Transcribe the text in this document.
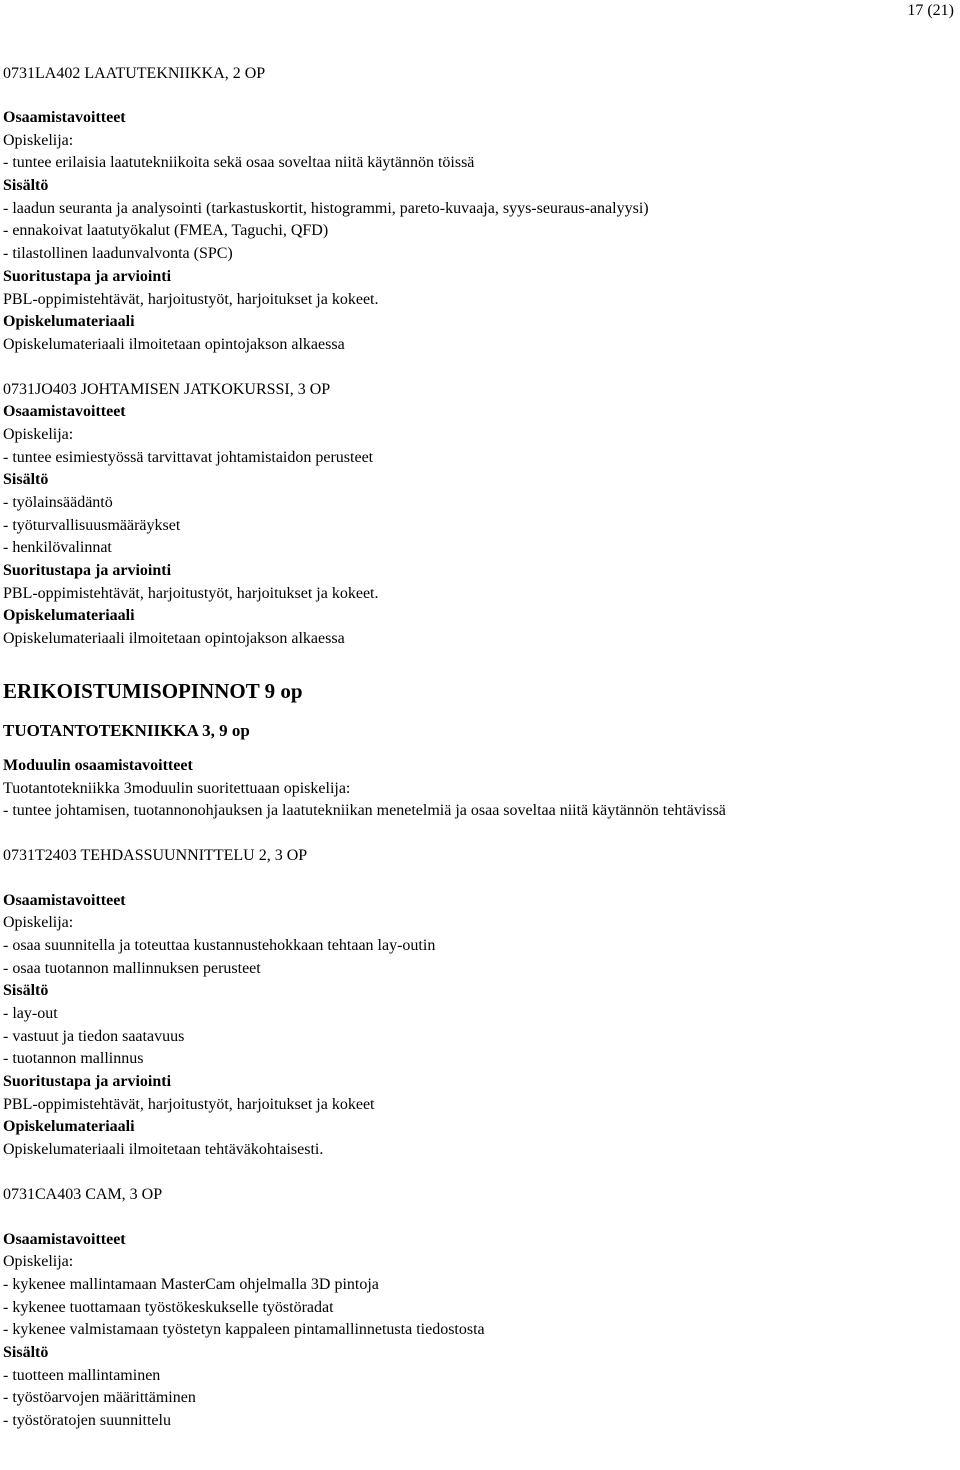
17 (21)
0731LA402 LAATUTEKNIIKKA, 2 OP
Osaamistavoitteet
Opiskelija:
- tuntee erilaisia laatutekniikoita sekä osaa soveltaa niitä käytännön töissä
Sisältö
- laadun seuranta ja analysointi (tarkastuskortit, histogrammi, pareto-kuvaaja, syys-seuraus-analyysi)
- ennakoivat laatutyökalut (FMEA, Taguchi, QFD)
- tilastollinen laadunvalvonta (SPC)
Suoritustapa ja arviointi
PBL-oppimistehtävät, harjoitustyöt, harjoitukset ja kokeet.
Opiskelumateriaali
Opiskelumateriaali ilmoitetaan opintojakson alkaessa
0731JO403 JOHTAMISEN JATKOKURSSI, 3 OP
Osaamistavoitteet
Opiskelija:
- tuntee esimiestyössä tarvittavat johtamistaidon perusteet
Sisältö
- työlainsäädäntö
- työturvallisuusmääräykset
- henkilövalinnat
Suoritustapa ja arviointi
PBL-oppimistehtävät, harjoitustyöt, harjoitukset ja kokeet.
Opiskelumateriaali
Opiskelumateriaali ilmoitetaan opintojakson alkaessa
ERIKOISTUMISOPINNOT 9 op
TUOTANTOTEKNIIKKA 3, 9 op
Moduulin osaamistavoitteet
Tuotantotekniikka 3moduulin suoritettuaan opiskelija:
- tuntee johtamisen, tuotannonohjauksen ja laatutekniikan menetelmiä ja osaa soveltaa niitä käytännön tehtävissä
0731T2403 TEHDASSUUNNITTELU 2, 3 OP
Osaamistavoitteet
Opiskelija:
- osaa suunnitella ja toteuttaa kustannustehokkaan tehtaan lay-outin
- osaa tuotannon mallinnuksen perusteet
Sisältö
- lay-out
- vastuut ja tiedon saatavuus
- tuotannon mallinnus
Suoritustapa ja arviointi
PBL-oppimistehtävät, harjoitustyöt, harjoitukset ja kokeet
Opiskelumateriaali
Opiskelumateriaali ilmoitetaan tehtäväkohtaisesti.
0731CA403 CAM, 3 OP
Osaamistavoitteet
Opiskelija:
- kykenee mallintamaan MasterCam ohjelmalla 3D pintoja
- kykenee tuottamaan työstökeskukselle työstöradat
- kykenee valmistamaan työstetyn kappaleen pintamallinnetusta tiedostosta
Sisältö
- tuotteen mallintaminen
- työstöarvojen määrittäminen
- työstöratojen suunnittelu
